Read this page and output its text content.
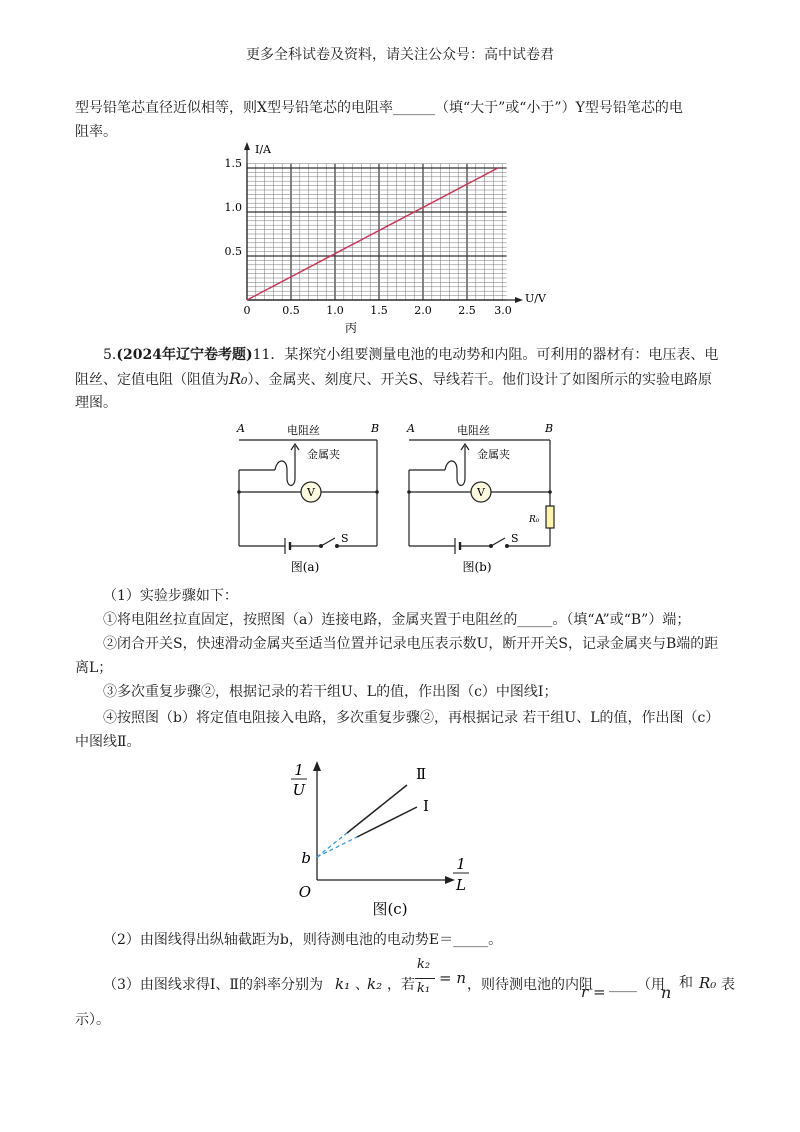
更多全科试卷及资料，请关注公众号：高中试卷君
型号铅笔芯直径近似相等，则X型号铅笔芯的电阻率______（填“大于”或“小于”）Y型号铅笔芯的电
阻率。
I/A
U/V
0.5
1.0
1.5
0	0.5 1.0 1.5 2.0 2.5 3.0
丙
5.(2024年辽宁卷考题)11．某探究小组要测量电池的电动势和内阻。可利用的器材有：电压表、电
阻丝、定值电阻（阻值为R₀）、金属夹、刻度尺、开关S、导线若干。他们设计了如图所示的实验电路原
理图。
A	B
电阻丝
金属夹
V
S
图(a)
A	B
电阻丝
金属夹
V
R₀
S
图(b)
（1）实验步骤如下：
①将电阻丝拉直固定，按照图（a）连接电路，金属夹置于电阻丝的_____。（填“A”或“B”）端；
②闭合开关S，快速滑动金属夹至适当位置并记录电压表示数U，断开开关S，记录金属夹与B端的距
离L；
③多次重复步骤②，根据记录的若干组U、L的值，作出图（c）中图线Ⅰ；
④按照图（b）将定值电阻接入电路，多次重复步骤②，再根据记录 若干组U、L的值，作出图（c）
中图线Ⅱ。
1
U
1
L
O
b
Ⅱ
Ⅰ
图(c)
（2）由图线得出纵轴截距为b，则待测电池的电动势E＝_____。
（3）由图线求得Ⅰ、Ⅱ的斜率分别为 k₁ 、
k₂ ，若
k₂
k₁
= n ，则待测电池的内阻
r = ____（用
n 和 R₀ 表
示）。
